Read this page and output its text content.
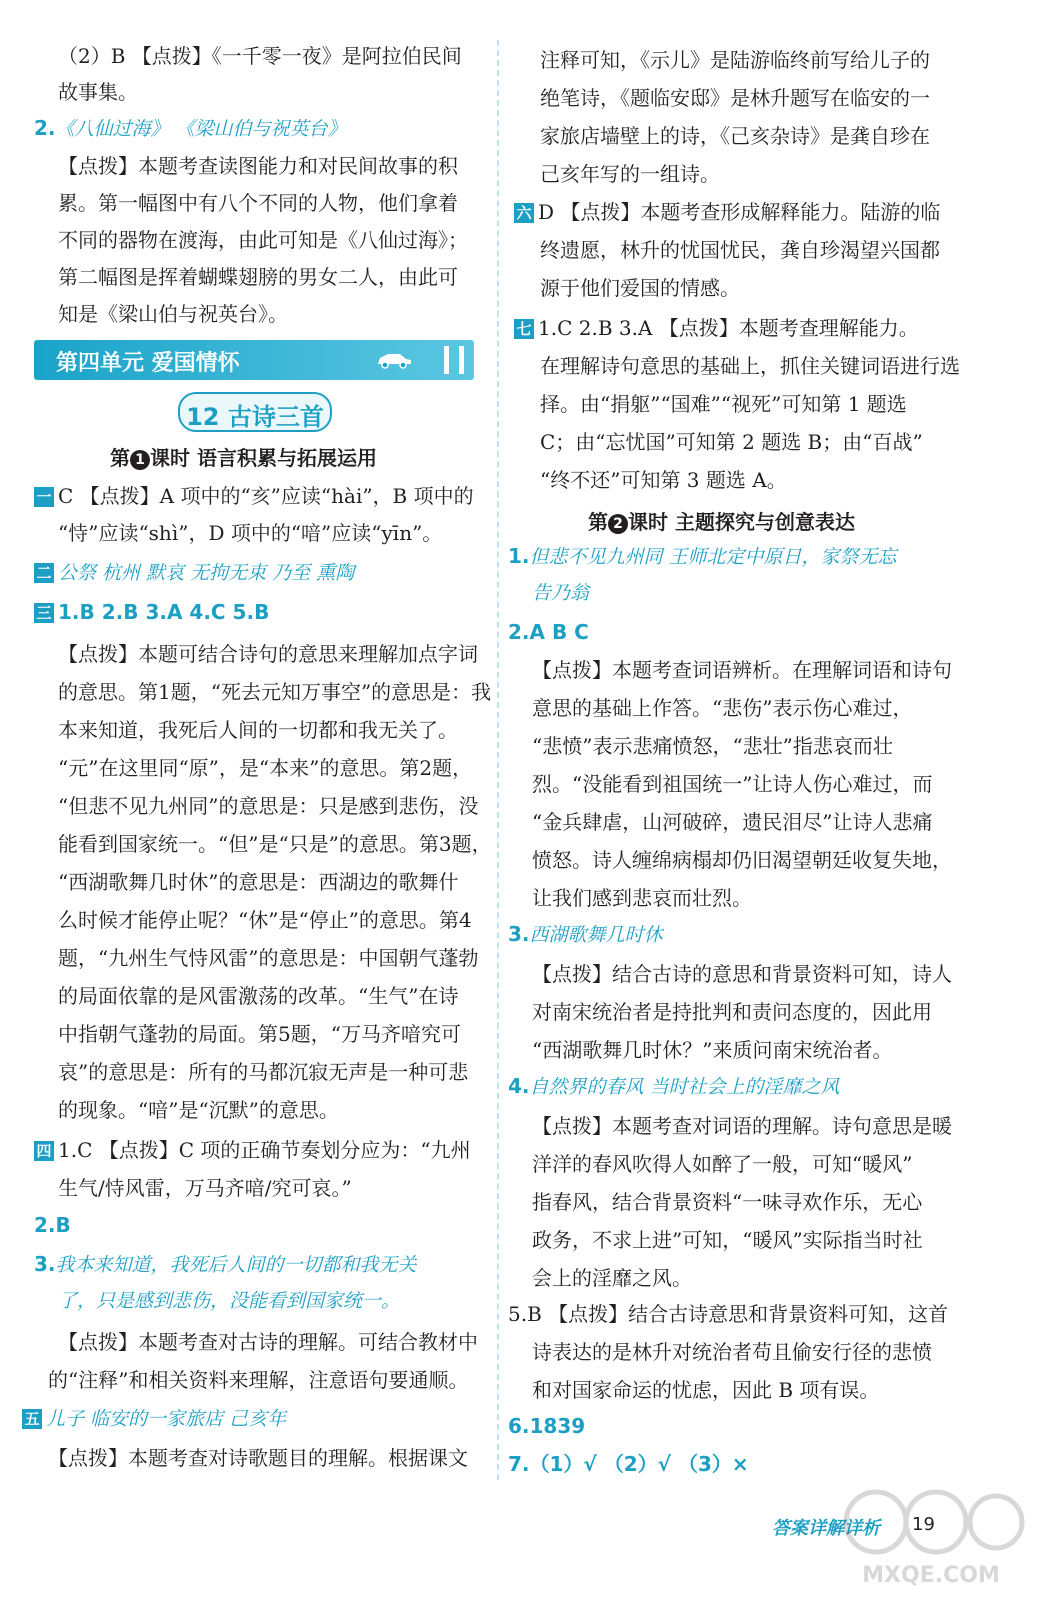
（2）B 【点拨】《一千零一夜》是阿拉伯民间
故事集。
2.《八仙过海》 《梁山伯与祝英台》
【点拨】本题考查读图能力和对民间故事的积
累。第一幅图中有八个不同的人物，他们拿着
不同的器物在渡海，由此可知是《八仙过海》；
第二幅图是挥着蝴蝶翅膀的男女二人，由此可
知是《梁山伯与祝英台》。
第四单元 爱国情怀
12 古诗三首
第 1 课时 语言积累与拓展运用
一 C 【点拨】A 项中的“亥”应读“hài”，B 项中的
“恃”应读“shì”，D 项中的“喑”应读“yīn”。
二 公祭 杭州 默哀 无拘无束 乃至 熏陶
三 1.B 2.B 3.A 4.C 5.B
【点拨】本题可结合诗句的意思来理解加点字词
的意思。第1题，“死去元知万事空”的意思是：我
本来知道，我死后人间的一切都和我无关了。
“元”在这里同“原”，是“本来”的意思。第2题，
“但悲不见九州同”的意思是：只是感到悲伤，没
能看到国家统一。“但”是“只是”的意思。第3题，
“西湖歌舞几时休”的意思是：西湖边的歌舞什
么时候才能停止呢？“休”是“停止”的意思。第4
题，“九州生气恃风雷”的意思是：中国朝气蓬勃
的局面依靠的是风雷激荡的改革。“生气”在诗
中指朝气蓬勃的局面。第5题，“万马齐喑究可
哀”的意思是：所有的马都沉寂无声是一种可悲
的现象。“喑”是“沉默”的意思。
四 1.C 【点拨】C 项的正确节奏划分应为：“九州
生气/恃风雷，万马齐喑/究可哀。”
2.B
3.我本来知道，我死后人间的一切都和我无关
了，只是感到悲伤，没能看到国家统一。
【点拨】本题考查对古诗的理解。可结合教材中
的“注释”和相关资料来理解，注意语句要通顺。
五 儿子 临安的一家旅店 己亥年
【点拨】本题考查对诗歌题目的理解。根据课文
注释可知，《示儿》是陆游临终前写给儿子的
绝笔诗，《题临安邸》是林升题写在临安的一
家旅店墙壁上的诗，《己亥杂诗》是龚自珍在
己亥年写的一组诗。
六 D 【点拨】本题考查形成解释能力。陆游的临
终遗愿，林升的忧国忧民，龚自珍渴望兴国都
源于他们爱国的情感。
七 1.C 2.B 3.A 【点拨】本题考查理解能力。
在理解诗句意思的基础上，抓住关键词语进行选
择。由“捐躯”“国难”“视死”可知第 1 题选
C；由“忘忧国”可知第 2 题选 B；由“百战”
“终不还”可知第 3 题选 A。
第 2 课时 主题探究与创意表达
1.但悲不见九州同 王师北定中原日，家祭无忘
告乃翁
2.A B C
【点拨】本题考查词语辨析。在理解词语和诗句
意思的基础上作答。“悲伤”表示伤心难过，
“悲愤”表示悲痛愤怒，“悲壮”指悲哀而壮
烈。“没能看到祖国统一”让诗人伤心难过，而
“金兵肆虐，山河破碎，遗民泪尽”让诗人悲痛
愤怒。诗人缠绵病榻却仍旧渴望朝廷收复失地，
让我们感到悲哀而壮烈。
3.西湖歌舞几时休
【点拨】结合古诗的意思和背景资料可知，诗人
对南宋统治者是持批判和责问态度的，因此用
“西湖歌舞几时休？”来质问南宋统治者。
4.自然界的春风 当时社会上的淫靡之风
【点拨】本题考查对词语的理解。诗句意思是暖
洋洋的春风吹得人如醉了一般，可知“暖风”
指春风，结合背景资料“一味寻欢作乐，无心
政务，不求上进”可知，“暖风”实际指当时社
会上的淫靡之风。
5.B 【点拨】结合古诗意思和背景资料可知，这首
诗表达的是林升对统治者苟且偷安行径的悲愤
和对国家命运的忧虑，因此 B 项有误。
6.1839
7.（1）√ （2）√ （3）×
答案详解详析 19
MXQE.COM
